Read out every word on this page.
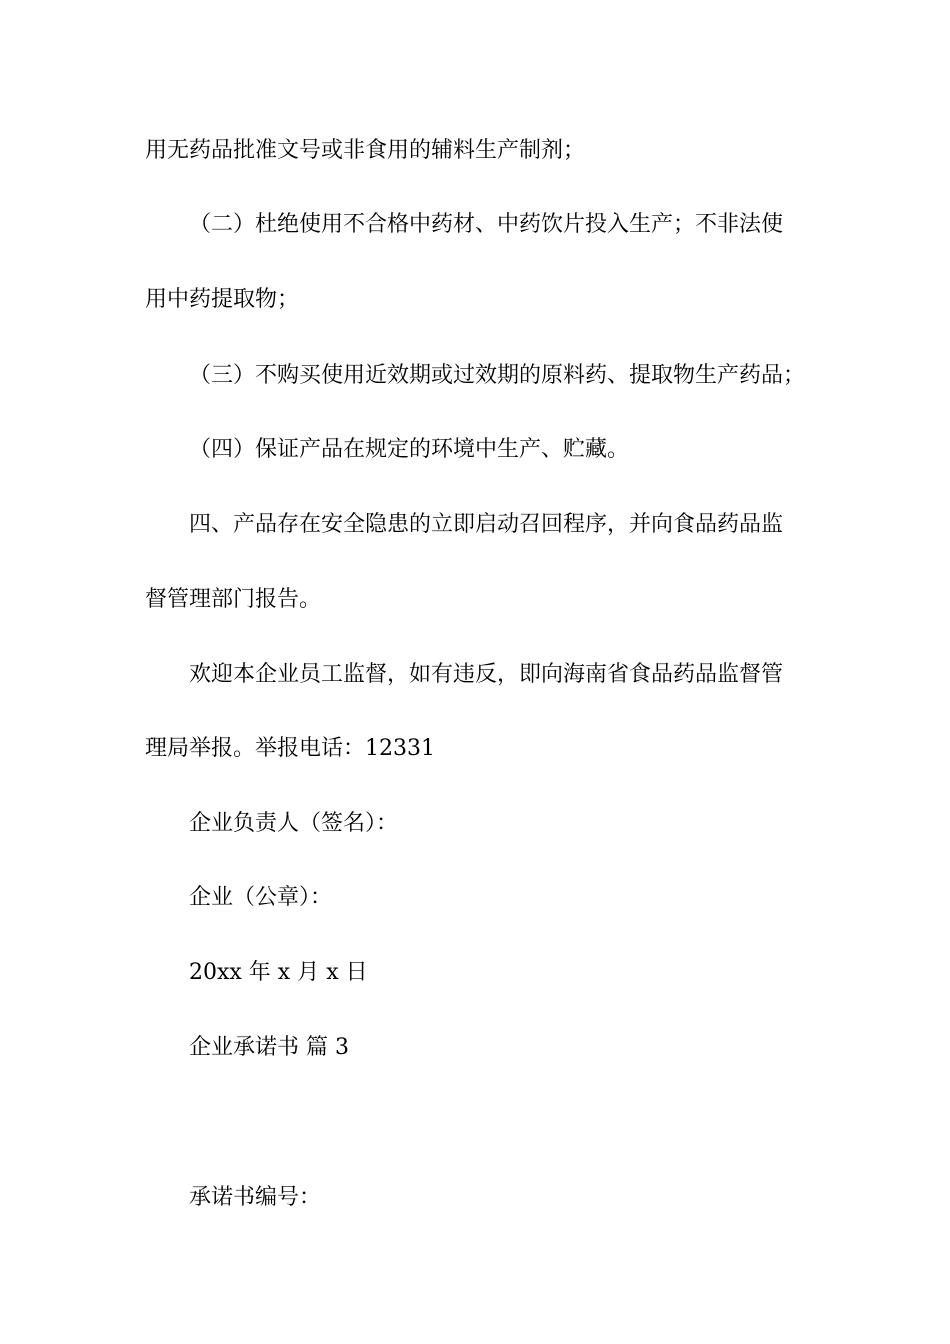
用无药品批准文号或非食用的辅料生产制剂；
（二）杜绝使用不合格中药材、中药饮片投入生产；不非法使
用中药提取物；
（三）不购买使用近效期或过效期的原料药、提取物生产药品；
（四）保证产品在规定的环境中生产、贮藏。
四、产品存在安全隐患的立即启动召回程序，并向食品药品监
督管理部门报告。
欢迎本企业员工监督，如有违反，即向海南省食品药品监督管
理局举报。举报电话：12331
企业负责人（签名）：
企业（公章）：
20xx 年 x 月 x 日
企业承诺书 篇 3
承诺书编号：
